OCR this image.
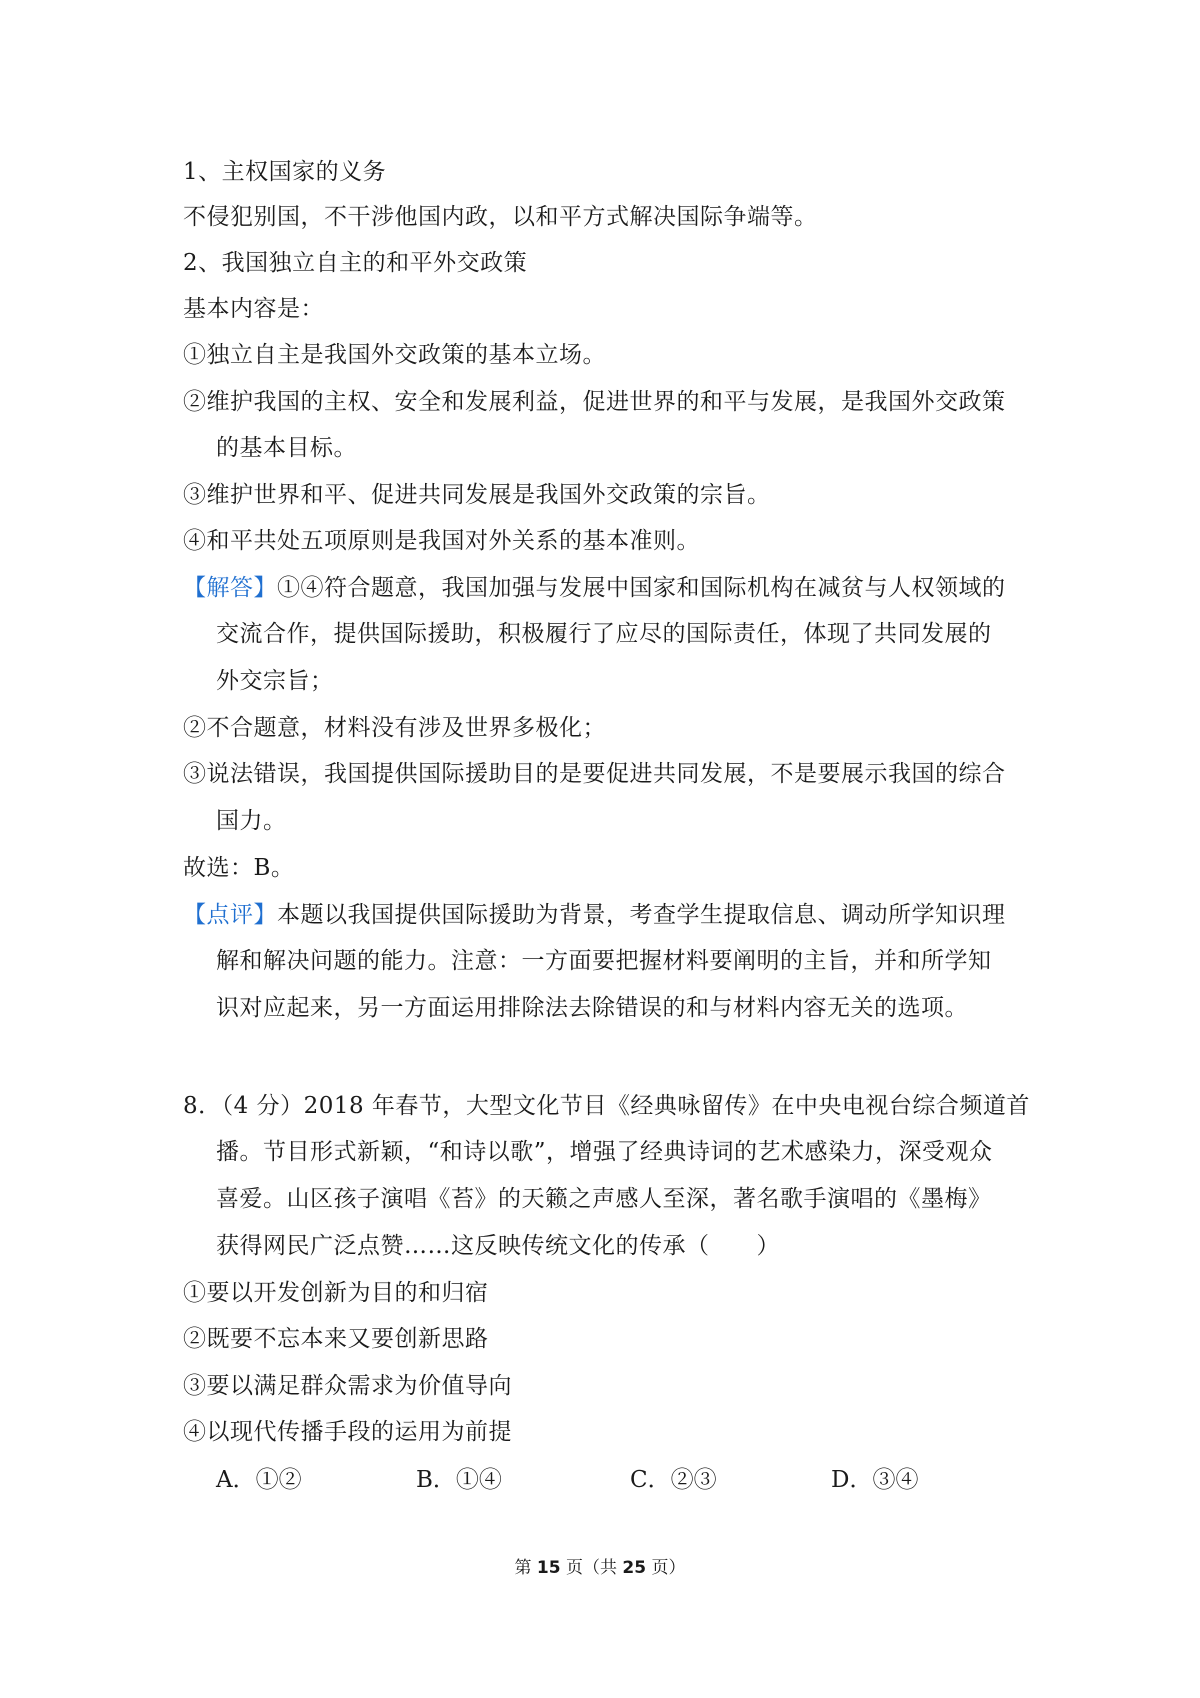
1、主权国家的义务
不侵犯别国，不干涉他国内政，以和平方式解决国际争端等。
2、我国独立自主的和平外交政策
基本内容是：
①独立自主是我国外交政策的基本立场。
②维护我国的主权、安全和发展利益，促进世界的和平与发展，是我国外交政策
的基本目标。
③维护世界和平、促进共同发展是我国外交政策的宗旨。
④和平共处五项原则是我国对外关系的基本准则。
【解答】①④符合题意，我国加强与发展中国家和国际机构在减贫与人权领域的
交流合作，提供国际援助，积极履行了应尽的国际责任，体现了共同发展的
外交宗旨；
②不合题意，材料没有涉及世界多极化；
③说法错误，我国提供国际援助目的是要促进共同发展，不是要展示我国的综合
国力。
故选：B。
【点评】本题以我国提供国际援助为背景，考查学生提取信息、调动所学知识理
解和解决问题的能力。注意：一方面要把握材料要阐明的主旨，并和所学知
识对应起来，另一方面运用排除法去除错误的和与材料内容无关的选项。
8．（4 分）2018 年春节，大型文化节目《经典咏留传》在中央电视台综合频道首
播。节目形式新颖，“和诗以歌”，增强了经典诗词的艺术感染力，深受观众
喜爱。山区孩子演唱《苔》的天籁之声感人至深，著名歌手演唱的《墨梅》
获得网民广泛点赞……这反映传统文化的传承（　　）
①要以开发创新为目的和归宿
②既要不忘本来又要创新思路
③要以满足群众需求为价值导向
④以现代传播手段的运用为前提
A．①②	B．①④	C．②③	D．③④
第 15 页（共 25 页）
